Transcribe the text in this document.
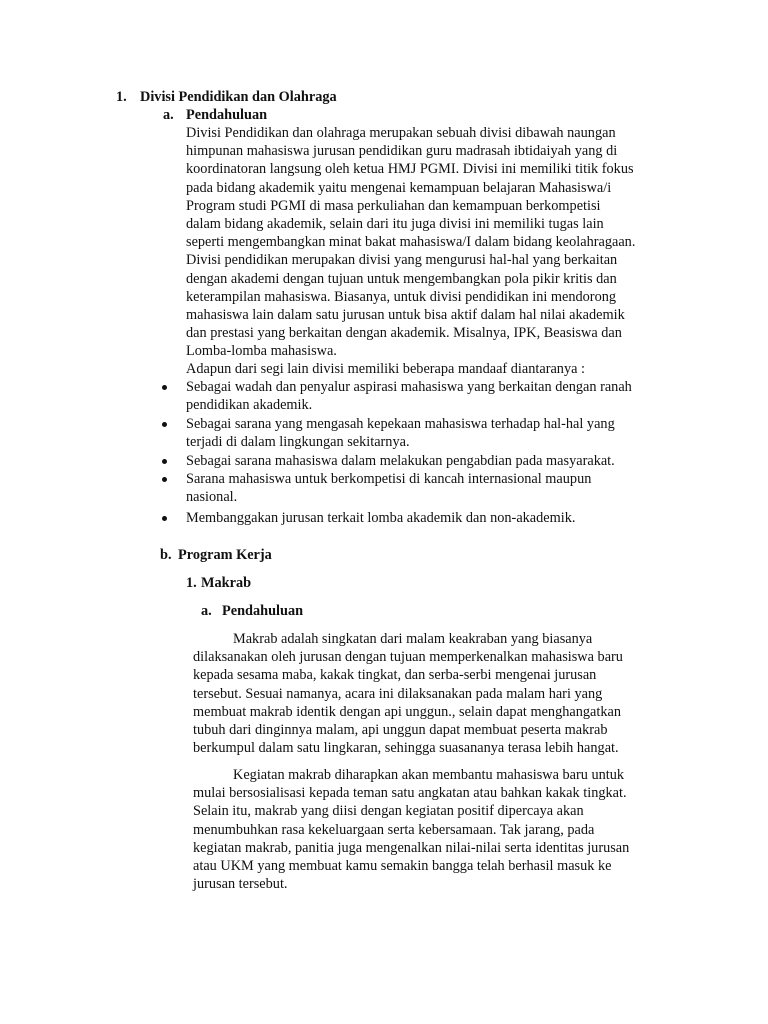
1. Divisi Pendidikan dan Olahraga
a. Pendahuluan
Divisi Pendidikan dan olahraga merupakan sebuah divisi dibawah naungan
himpunan mahasiswa jurusan pendidikan guru madrasah ibtidaiyah yang di
koordinatoran langsung oleh ketua HMJ PGMI. Divisi ini memiliki titik fokus
pada bidang akademik yaitu mengenai kemampuan belajaran Mahasiswa/i
Program studi PGMI di masa perkuliahan dan kemampuan berkompetisi
dalam bidang akademik, selain dari itu juga divisi ini memiliki tugas lain
seperti mengembangkan minat bakat mahasiswa/I dalam bidang keolahragaan.
Divisi pendidikan merupakan divisi yang mengurusi hal-hal yang berkaitan
dengan akademi dengan tujuan untuk mengembangkan pola pikir kritis dan
keterampilan mahasiswa. Biasanya, untuk divisi pendidikan ini mendorong
mahasiswa lain dalam satu jurusan untuk bisa aktif dalam hal nilai akademik
dan prestasi yang berkaitan dengan akademik. Misalnya, IPK, Beasiswa dan
Lomba-lomba mahasiswa.
Adapun dari segi lain divisi memiliki beberapa mandaaf diantaranya :
Sebagai wadah dan penyalur aspirasi mahasiswa yang berkaitan dengan ranah
pendidikan akademik.
Sebagai sarana yang mengasah kepekaan mahasiswa terhadap hal-hal yang
terjadi di dalam lingkungan sekitarnya.
Sebagai sarana mahasiswa dalam melakukan pengabdian pada masyarakat.
Sarana mahasiswa untuk berkompetisi di kancah internasional maupun
nasional.
Membanggakan jurusan terkait lomba akademik dan non-akademik.
b. Program Kerja
1. Makrab
a. Pendahuluan
Makrab adalah singkatan dari malam keakraban yang biasanya
dilaksanakan oleh jurusan dengan tujuan memperkenalkan mahasiswa baru
kepada sesama maba, kakak tingkat, dan serba-serbi mengenai jurusan
tersebut. Sesuai namanya, acara ini dilaksanakan pada malam hari yang
membuat makrab identik dengan api unggun., selain dapat menghangatkan
tubuh dari dinginnya malam, api unggun dapat membuat peserta makrab
berkumpul dalam satu lingkaran, sehingga suasananya terasa lebih hangat.
Kegiatan makrab diharapkan akan membantu mahasiswa baru untuk
mulai bersosialisasi kepada teman satu angkatan atau bahkan kakak tingkat.
Selain itu, makrab yang diisi dengan kegiatan positif dipercaya akan
menumbuhkan rasa kekeluargaan serta kebersamaan. Tak jarang, pada
kegiatan makrab, panitia juga mengenalkan nilai-nilai serta identitas jurusan
atau UKM yang membuat kamu semakin bangga telah berhasil masuk ke
jurusan tersebut.
